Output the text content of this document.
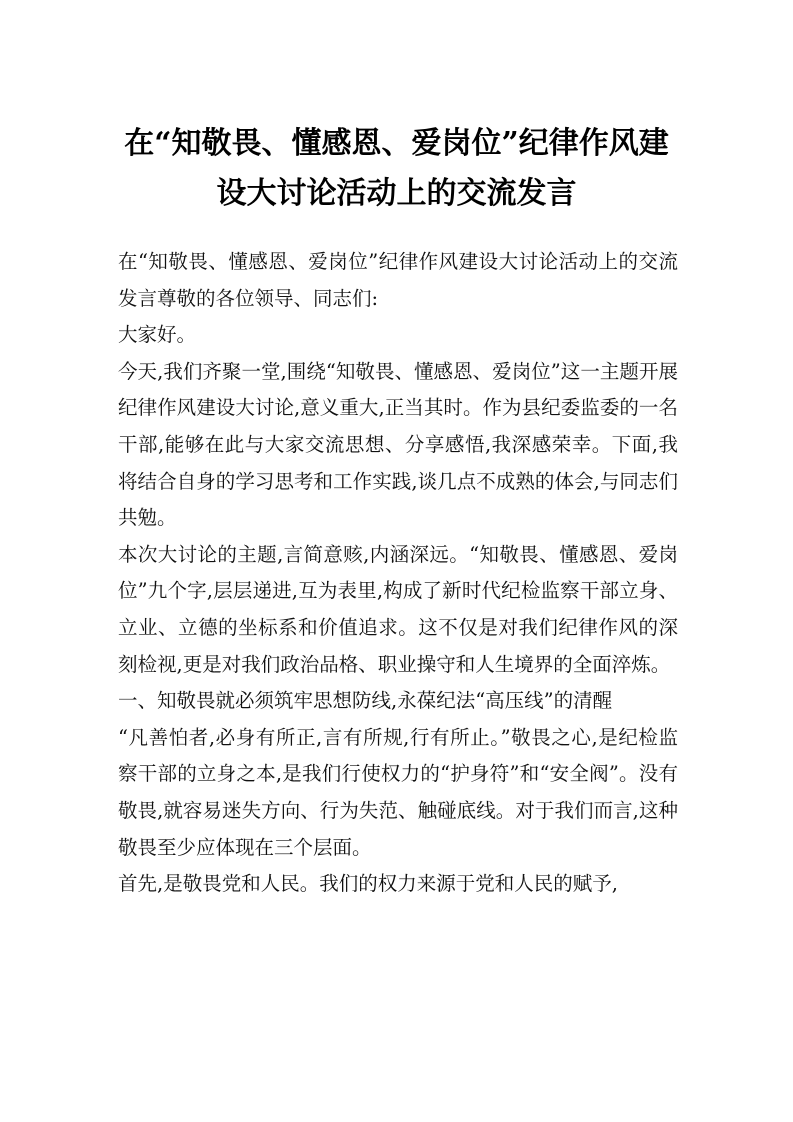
在“知敬畏、懂感恩、爱岗位”纪律作风建
设大讨论活动上的交流发言

在“知敬畏、懂感恩、爱岗位”纪律作风建设大讨论活动上的交流发言尊敬的各位领导、同志们:

大家好。

今天,我们齐聚一堂,围绕“知敬畏、懂感恩、爱岗位”这一主题开展纪律作风建设大讨论,意义重大,正当其时。作为县纪委监委的一名干部,能够在此与大家交流思想、分享感悟,我深感荣幸。下面,我将结合自身的学习思考和工作实践,谈几点不成熟的体会,与同志们共勉。

本次大讨论的主题,言简意赅,内涵深远。“知敬畏、懂感恩、爱岗位”九个字,层层递进,互为表里,构成了新时代纪检监察干部立身、立业、立德的坐标系和价值追求。这不仅是对我们纪律作风的深刻检视,更是对我们政治品格、职业操守和人生境界的全面淬炼。

一、知敬畏就必须筑牢思想防线,永葆纪法“高压线”的清醒

“凡善怕者,必身有所正,言有所规,行有所止。”敬畏之心,是纪检监察干部的立身之本,是我们行使权力的“护身符”和“安全阀”。没有敬畏,就容易迷失方向、行为失范、触碰底线。对于我们而言,这种敬畏至少应体现在三个层面。

首先,是敬畏党和人民。我们的权力来源于党和人民的赋予,
